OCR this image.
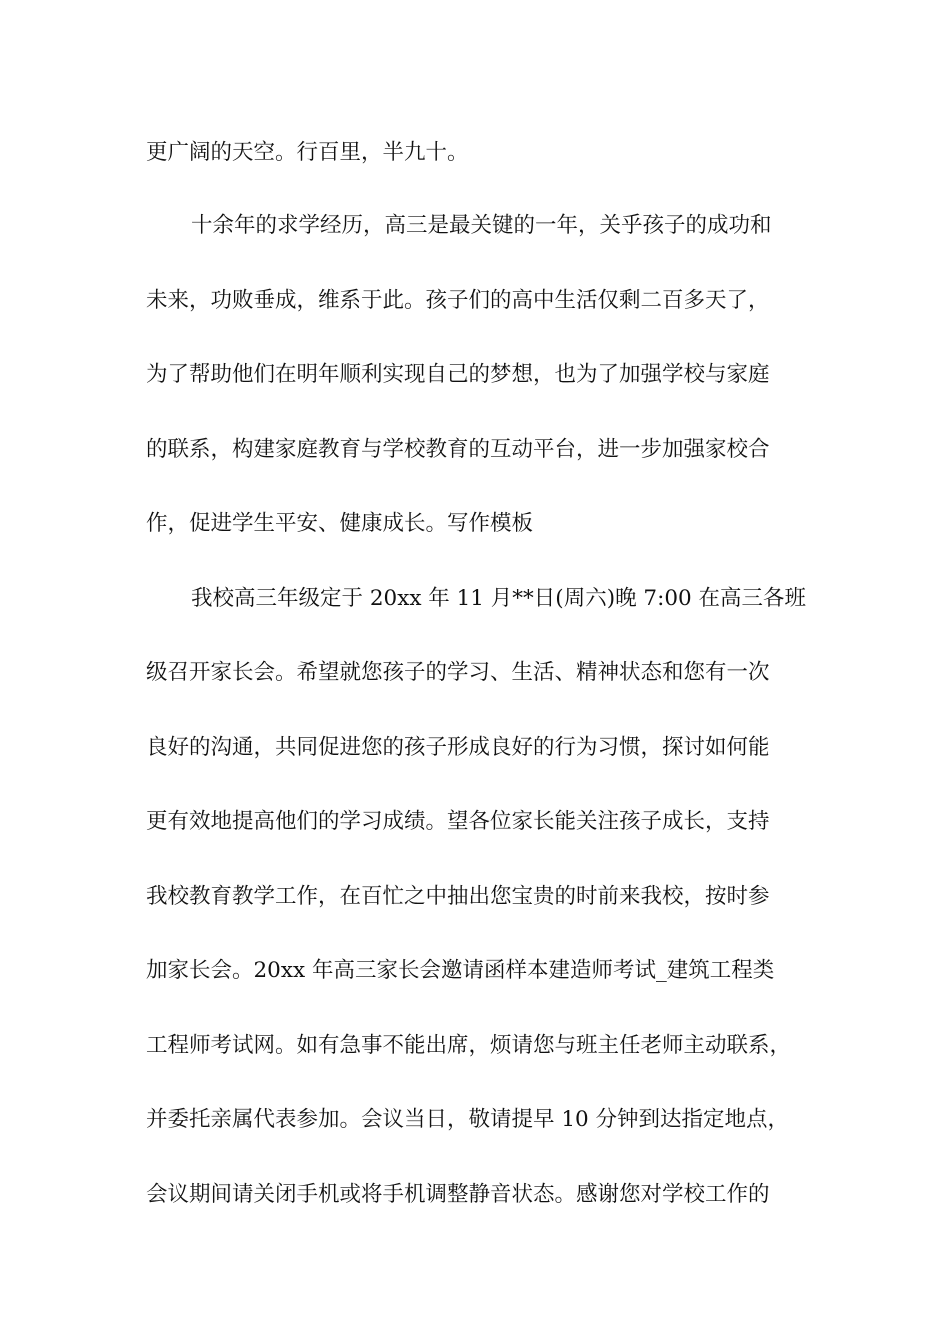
更广阔的天空。行百里，半九十。
十余年的求学经历，高三是最关键的一年，关乎孩子的成功和
未来，功败垂成，维系于此。孩子们的高中生活仅剩二百多天了，
为了帮助他们在明年顺利实现自己的梦想，也为了加强学校与家庭
的联系，构建家庭教育与学校教育的互动平台，进一步加强家校合
作，促进学生平安、健康成长。写作模板
我校高三年级定于 20xx 年 11 月**日(周六)晚 7:00 在高三各班
级召开家长会。希望就您孩子的学习、生活、精神状态和您有一次
良好的沟通，共同促进您的孩子形成良好的行为习惯，探讨如何能
更有效地提高他们的学习成绩。望各位家长能关注孩子成长，支持
我校教育教学工作，在百忙之中抽出您宝贵的时前来我校，按时参
加家长会。20xx 年高三家长会邀请函样本建造师考试_建筑工程类
工程师考试网。如有急事不能出席，烦请您与班主任老师主动联系，
并委托亲属代表参加。会议当日，敬请提早 10 分钟到达指定地点，
会议期间请关闭手机或将手机调整静音状态。感谢您对学校工作的
